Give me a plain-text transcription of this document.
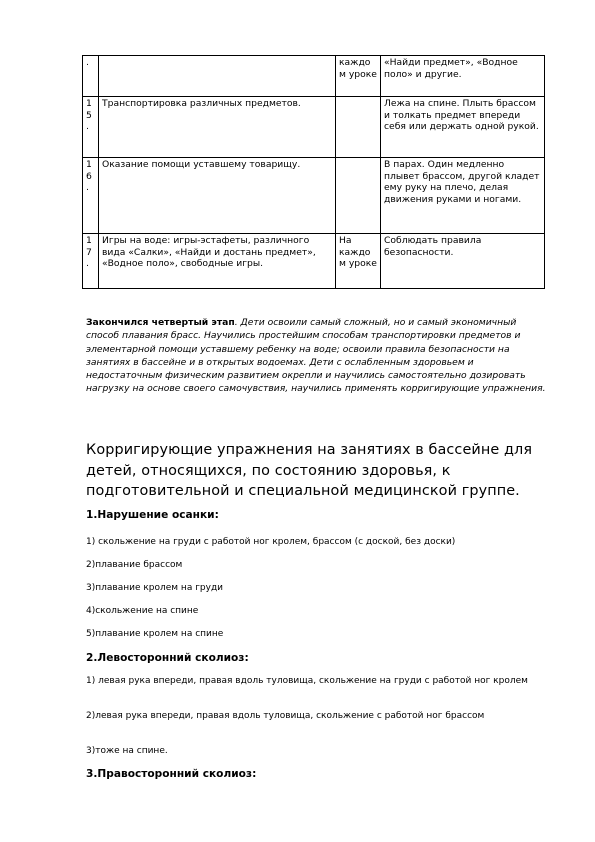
.		каждо м уроке	«Найди предмет», «Водное поло» и другие.
15 .	Транспортировка различных предметов.		Лежа на спине. Плыть брассом и толкать предмет впереди себя или держать одной рукой.
16 .	Оказание помощи уставшему товарищу.		В парах. Один медленно плывет брассом, другой кладет ему руку на плечо, делая движения руками и ногами.
17 .	Игры на воде: игры-эстафеты, различного вида «Салки», «Найди и достань предмет», «Водное поло», свободные игры.	На каждо м уроке	Соблюдать правила безопасности.

Закончился четвертый этап. Дети освоили самый сложный, но и самый экономичный способ плавания брасс. Научились простейшим способам транспортировки предметов и элементарной помощи уставшему ребенку на воде; освоили правила безопасности на занятиях в бассейне и в открытых водоемах. Дети с ослабленным здоровьем и недостаточным физическим развитием окрепли и научились самостоятельно дозировать нагрузку на основе своего самочувствия, научились применять корригирующие упражнения.

Корригирующие упражнения на занятиях в бассейне для детей, относящихся, по состоянию здоровья, к подготовительной и специальной медицинской группе.
1.Нарушение осанки:
1) скольжение на груди с работой ног кролем, брассом (с доской, без доски)
2)плавание брассом
3)плавание кролем на груди
4)скольжение на спине
5)плавание кролем на спине
2.Левосторонний сколиоз:
1) левая рука впереди, правая вдоль туловища, скольжение на груди с работой ног кролем
2)левая рука впереди, правая вдоль туловища, скольжение с работой ног брассом
3)тоже на спине.
3.Правосторонний сколиоз:
